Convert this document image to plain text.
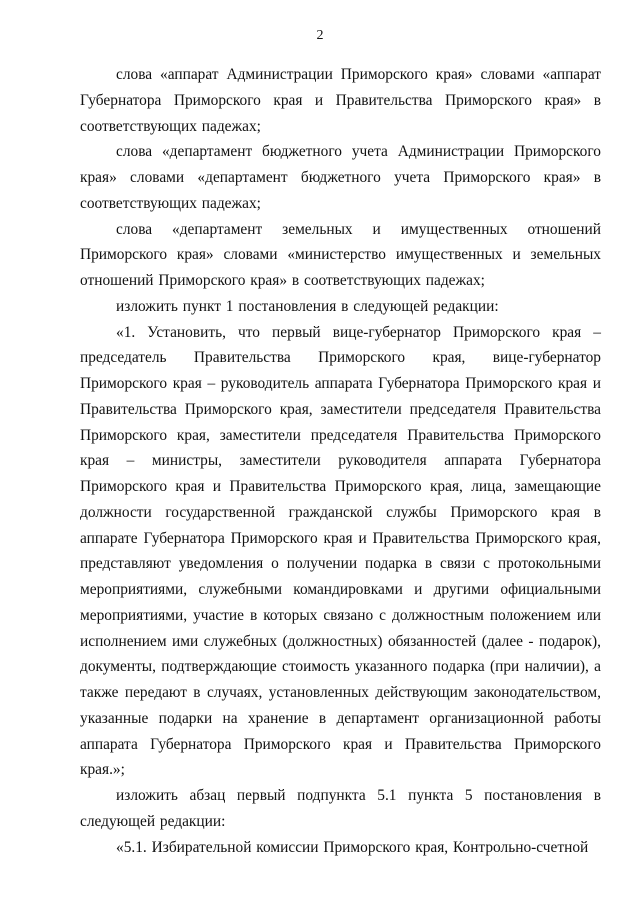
2

слова «аппарат Администрации Приморского края» словами «аппарат Губернатора Приморского края и Правительства Приморского края» в соответствующих падежах;

слова «департамент бюджетного учета Администрации Приморского края» словами «департамент бюджетного учета Приморского края» в соответствующих падежах;

слова «департамент земельных и имущественных отношений Приморского края» словами «министерство имущественных и земельных отношений Приморского края» в соответствующих падежах;

изложить пункт 1 постановления в следующей редакции:

«1. Установить, что первый вице-губернатор Приморского края – председатель Правительства Приморского края, вице-губернатор Приморского края – руководитель аппарата Губернатора Приморского края и Правительства Приморского края, заместители председателя Правительства Приморского края, заместители председателя Правительства Приморского края – министры, заместители руководителя аппарата Губернатора Приморского края и Правительства Приморского края, лица, замещающие должности государственной гражданской службы Приморского края в аппарате Губернатора Приморского края и Правительства Приморского края, представляют уведомления о получении подарка в связи с протокольными мероприятиями, служебными командировками и другими официальными мероприятиями, участие в которых связано с должностным положением или исполнением ими служебных (должностных) обязанностей (далее - подарок), документы, подтверждающие стоимость указанного подарка (при наличии), а также передают в случаях, установленных действующим законодательством, указанные подарки на хранение в департамент организационной работы аппарата Губернатора Приморского края и Правительства Приморского края.»;

изложить абзац первый подпункта 5.1 пункта 5 постановления в следующей редакции:

«5.1. Избирательной комиссии Приморского края, Контрольно-счетной
